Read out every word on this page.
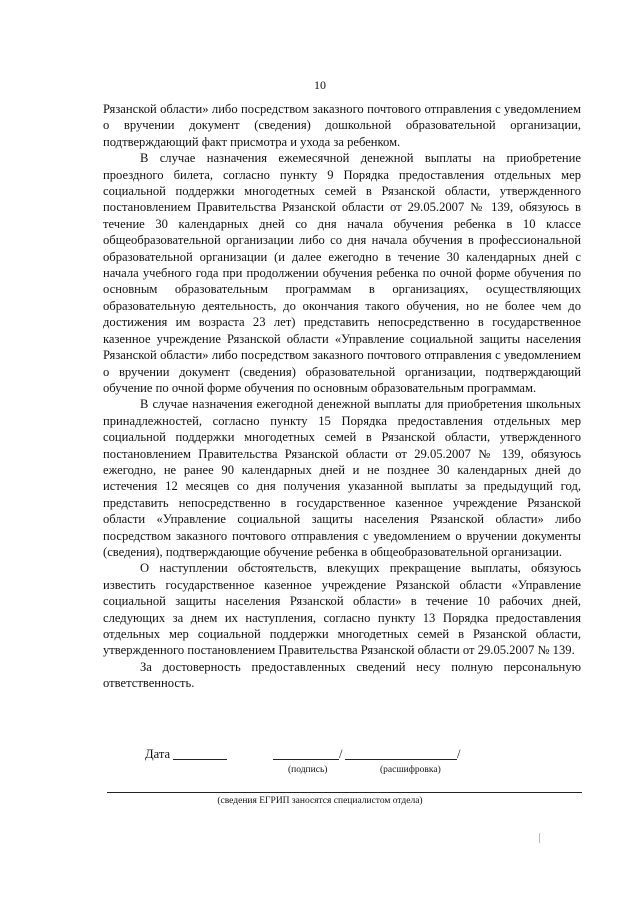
10

Рязанской области» либо посредством заказного почтового отправления с уведомлением о вручении документ (сведения) дошкольной образовательной организации, подтверждающий факт присмотра и ухода за ребенком.

В случае назначения ежемесячной денежной выплаты на приобретение проездного билета, согласно пункту 9 Порядка предоставления отдельных мер социальной поддержки многодетных семей в Рязанской области, утвержденного постановлением Правительства Рязанской области от 29.05.2007 № 139, обязуюсь в течение 30 календарных дней со дня начала обучения ребенка в 10 классе общеобразовательной организации либо со дня начала обучения в профессиональной образовательной организации (и далее ежегодно в течение 30 календарных дней с начала учебного года при продолжении обучения ребенка по очной форме обучения по основным образовательным программам в организациях, осуществляющих образовательную деятельность, до окончания такого обучения, но не более чем до достижения им возраста 23 лет) представить непосредственно в государственное казенное учреждение Рязанской области «Управление социальной защиты населения Рязанской области» либо посредством заказного почтового отправления с уведомлением о вручении документ (сведения) образовательной организации, подтверждающий обучение по очной форме обучения по основным образовательным программам.

В случае назначения ежегодной денежной выплаты для приобретения школьных принадлежностей, согласно пункту 15 Порядка предоставления отдельных мер социальной поддержки многодетных семей в Рязанской области, утвержденного постановлением Правительства Рязанской области от 29.05.2007 № 139, обязуюсь ежегодно, не ранее 90 календарных дней и не позднее 30 календарных дней до истечения 12 месяцев со дня получения указанной выплаты за предыдущий год, представить непосредственно в государственное казенное учреждение Рязанской области «Управление социальной защиты населения Рязанской области» либо посредством заказного почтового отправления с уведомлением о вручении документы (сведения), подтверждающие обучение ребенка в общеобразовательной организации.

О наступлении обстоятельств, влекущих прекращение выплаты, обязуюсь известить государственное казенное учреждение Рязанской области «Управление социальной защиты населения Рязанской области» в течение 10 рабочих дней, следующих за днем их наступления, согласно пункту 13 Порядка предоставления отдельных мер социальной поддержки многодетных семей в Рязанской области, утвержденного постановлением Правительства Рязанской области от 29.05.2007 № 139.

За достоверность предоставленных сведений несу полную персональную ответственность.

Дата	/	/
(подпись)	(расшифровка)
(сведения ЕГРИП заносятся специалистом отдела)
